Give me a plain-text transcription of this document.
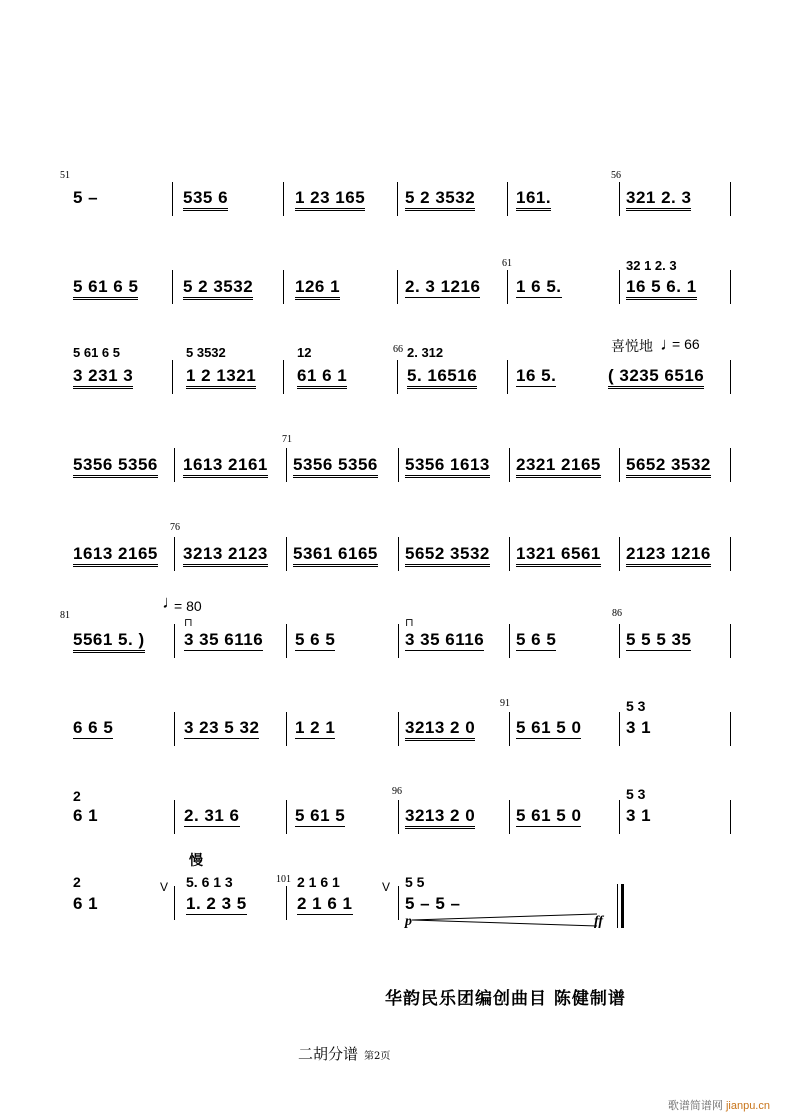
51
5 –	535 6	1 23 165 5 2 3532 161.
56
321 2. 3
5 61 6 5	5 2 3532 126 1	2. 3 1216
61
1 6 5.
32 1 2. 3
16 5 6. 1
5 61 6 5
3 231 3
5 3532
1 2 1321
12
61 6 1
66 2. 312
5. 16516 16 5.
喜悦地 ♩
= 66
( 3235 6516
5356 5356 1613 2161
71
5356 5356 5356 1613 2321 2165 5652 3532
1613 2165
76
3213 2123 5361 6165 5652 3532 1321 6561 2123 1216
81
♩
= 80
5561 5. )
⊓
3 35 6116 5 6 5
⊓
3 35 6116 5 6 5
86
5 5 5 35
6 6 5	3 23 5 32 1 2 1	3213 2 0
91
5 61 5 0
5 3
3 1
2
6 1	2. 31 6	5 61 5
96
3213 2 0 5 61 5 0
5 3
3 1
慢
2
6 1
V 5. 6 1 3
1. 2 3 5
101 2 1 6 1
2 1 6 1
V 5 5
5 – 5 –
p	ff
华韵民乐团编创曲目 陈健制谱
二胡分谱 第2页
歌谱简谱网 jianpu.cn
